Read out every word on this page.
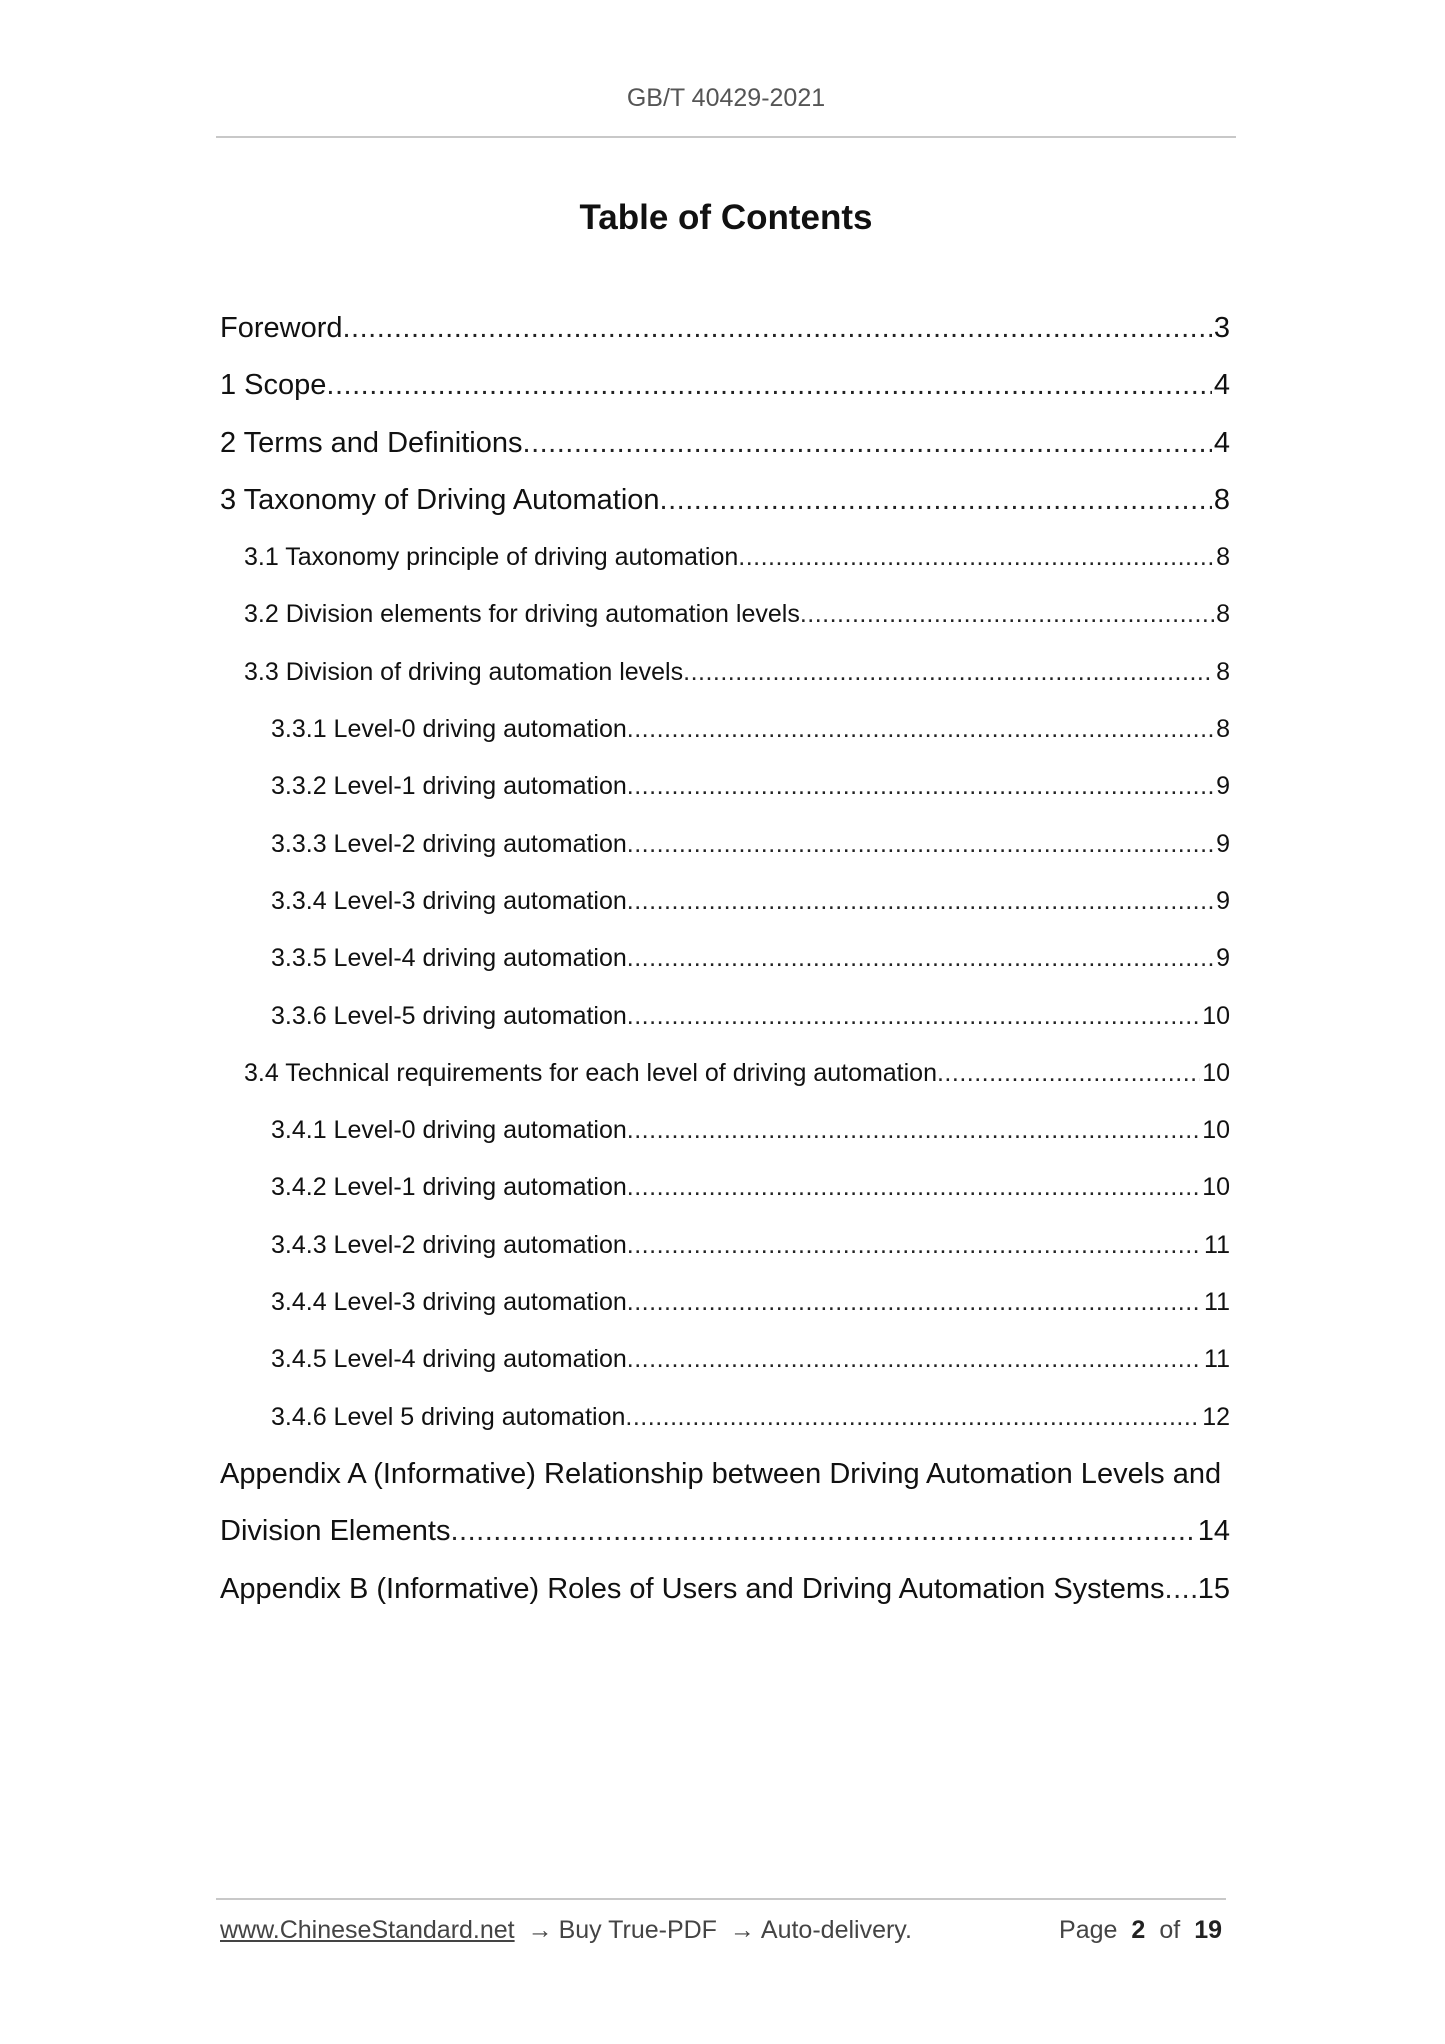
GB/T 40429-2021
Table of Contents
Foreword .....	3
1 Scope .....	4
2 Terms and Definitions .....	4
3 Taxonomy of Driving Automation .....	8
3.1 Taxonomy principle of driving automation .....	8
3.2 Division elements for driving automation levels .....	8
3.3 Division of driving automation levels .....	8
3.3.1 Level-0 driving automation .....	8
3.3.2 Level-1 driving automation .....	9
3.3.3 Level-2 driving automation .....	9
3.3.4 Level-3 driving automation .....	9
3.3.5 Level-4 driving automation .....	9
3.3.6 Level-5 driving automation .....	10
3.4 Technical requirements for each level of driving automation .....	10
3.4.1 Level-0 driving automation .....	10
3.4.2 Level-1 driving automation .....	10
3.4.3 Level-2 driving automation .....	11
3.4.4 Level-3 driving automation .....	11
3.4.5 Level-4 driving automation .....	11
3.4.6 Level 5 driving automation .....	12
Appendix A (Informative) Relationship between Driving Automation Levels and
Division Elements .....	14
Appendix B (Informative) Roles of Users and Driving Automation Systems ..... 15
www.ChineseStandard.net → Buy True-PDF → Auto-delivery.	Page 2 of 19
